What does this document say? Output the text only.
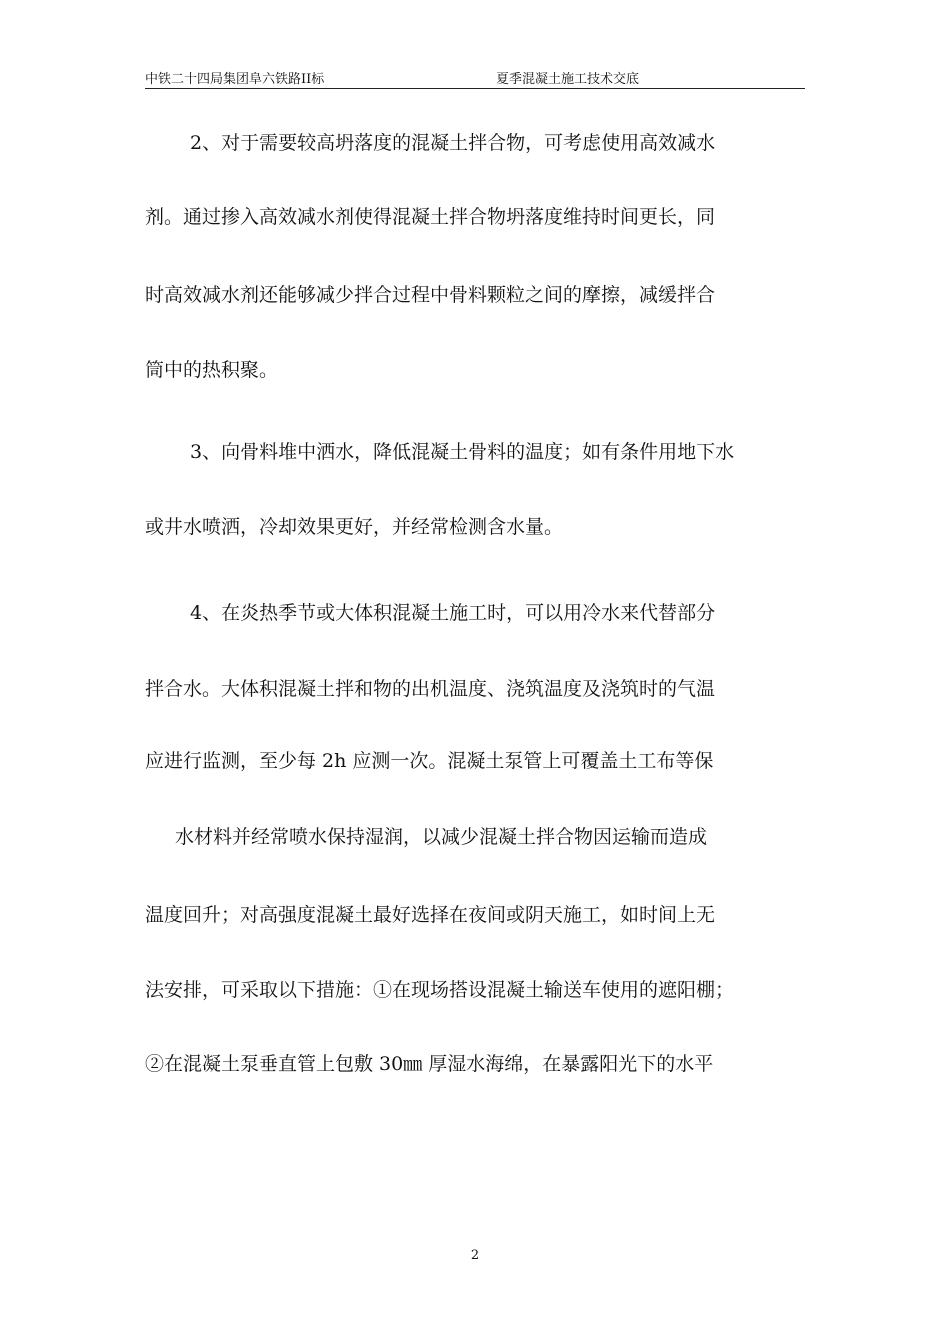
中铁二十四局集团阜六铁路II标	夏季混凝土施工技术交底
2、对于需要较高坍落度的混凝土拌合物，可考虑使用高效减水
剂。通过掺入高效减水剂使得混凝土拌合物坍落度维持时间更长，同
时高效减水剂还能够减少拌合过程中骨料颗粒之间的摩擦，减缓拌合
筒中的热积聚。
3、向骨料堆中洒水，降低混凝土骨料的温度；如有条件用地下水
或井水喷洒，冷却效果更好，并经常检测含水量。
4、在炎热季节或大体积混凝土施工时，可以用冷水来代替部分
拌合水。大体积混凝土拌和物的出机温度、浇筑温度及浇筑时的气温
应进行监测，至少每 2h 应测一次。混凝土泵管上可覆盖土工布等保
水材料并经常喷水保持湿润，以减少混凝土拌合物因运输而造成
温度回升；对高强度混凝土最好选择在夜间或阴天施工，如时间上无
法安排，可采取以下措施：①在现场搭设混凝土输送车使用的遮阳棚；
②在混凝土泵垂直管上包敷 30㎜ 厚湿水海绵，在暴露阳光下的水平
2
